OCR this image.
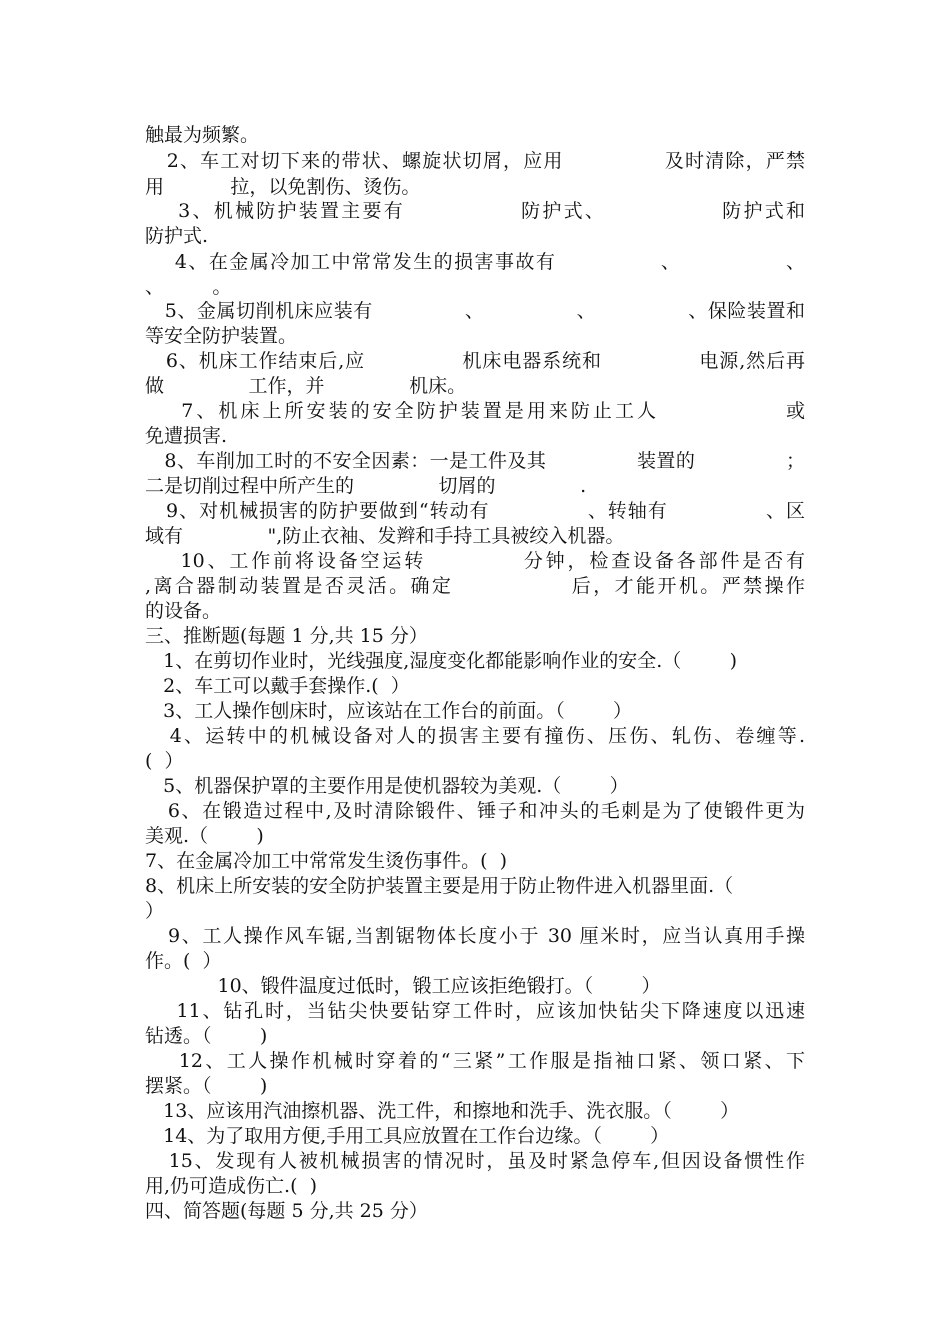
触最为频繁。
2、车工对切下来的带状、螺旋状切屑，应用              及时清除，严禁
用           拉，以免割伤、烫伤。
3、机械防护装置主要有              防护式、              防护式和
防护式.
4、在金属冷加工中常常发生的损害事故有              、              、
、        。
5、金属切削机床应装有              、              、              、保险装置和
等安全防护装置。
6、机床工作结束后,应              机床电器系统和              电源,然后再
做              工作，并              机床。
7、机床上所安装的安全防护装置是用来防止工人              或
免遭损害.
8、车削加工时的不安全因素：一是工件及其              装置的              ；
二是切削过程中所产生的              切屑的              .
9、对机械损害的防护要做到“转动有              、转轴有              、区
域有              ",防止衣袖、发辫和手持工具被绞入机器。
10、工作前将设备空运转           分钟，检查设备各部件是否有
,离合器制动装置是否灵活。确定              后，才能开机。严禁操作
的设备。
三、推断题(每题 1 分,共 15 分）
1、在剪切作业时，光线强度,湿度变化都能影响作业的安全.（        )
2、车工可以戴手套操作.(  ）
3、工人操作刨床时，应该站在工作台的前面。（        ）
4、运转中的机械设备对人的损害主要有撞伤、压伤、轧伤、卷缠等.
(  ）
5、机器保护罩的主要作用是使机器较为美观.（        ）
6、在锻造过程中,及时清除锻件、锤子和冲头的毛刺是为了使锻件更为
美观.（        )
7、在金属冷加工中常常发生烫伤事件。(  )
8、机床上所安装的安全防护装置主要是用于防止物件进入机器里面.（
）
9、工人操作风车锯,当割锯物体长度小于 30 厘米时，应当认真用手操
作。(  ）
10、锻件温度过低时，锻工应该拒绝锻打。（        ）
11、钻孔时，当钻尖快要钻穿工件时，应该加快钻尖下降速度以迅速
钻透。（        )
12、工人操作机械时穿着的“三紧”工作服是指袖口紧、领口紧、下
摆紧。（        )
13、应该用汽油擦机器、洗工件，和擦地和洗手、洗衣服。（        ）
14、为了取用方便,手用工具应放置在工作台边缘。（        ）
15、发现有人被机械损害的情况时，虽及时紧急停车,但因设备惯性作
用,仍可造成伤亡.(  )
四、简答题(每题 5 分,共 25 分）
